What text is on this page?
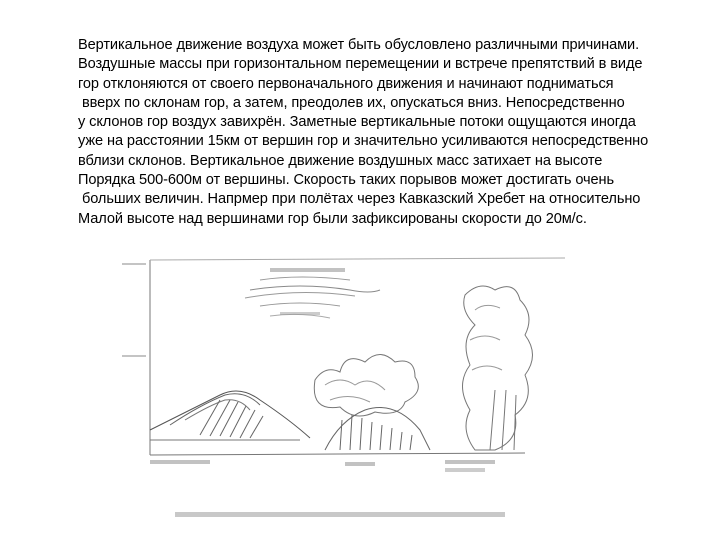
Вертикальное движение воздуха может быть обусловлено различными причинами.
Воздушные массы при горизонтальном перемещении и встрече препятствий в виде
гор отклоняются от своего первоначального движения и начинают подниматься
вверх по склонам гор, а затем, преодолев их, опускаться вниз. Непосредственно
у склонов гор воздух завихрён. Заметные вертикальные потоки ощущаются иногда
уже на расстоянии 15км от вершин гор и значительно усиливаются непосредственно
вблизи склонов. Вертикальное движение воздушных масс затихает на высоте
Порядка 500-600м от вершины. Скорость таких порывов может достигать очень
больших величин. Напрмер при полётах через Кавказский Хребет на относительно
Малой высоте над вершинами гор были зафиксированы скорости до 20м/с.
